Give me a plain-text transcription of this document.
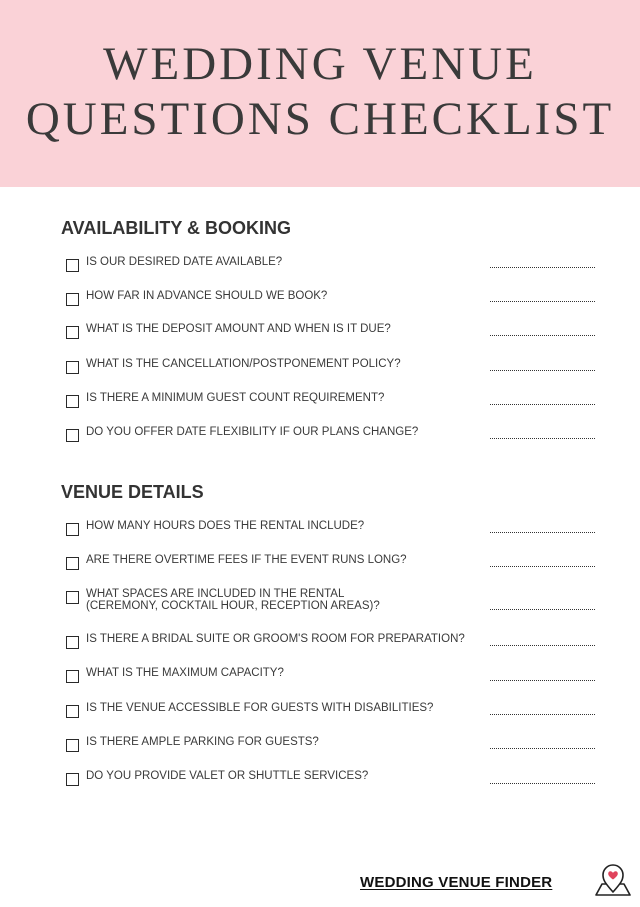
WEDDING VENUE
QUESTIONS CHECKLIST
AVAILABILITY & BOOKING
IS OUR DESIRED DATE AVAILABLE?
HOW FAR IN ADVANCE SHOULD WE BOOK?
WHAT IS THE DEPOSIT AMOUNT AND WHEN IS IT DUE?
WHAT IS THE CANCELLATION/POSTPONEMENT POLICY?
IS THERE A MINIMUM GUEST COUNT REQUIREMENT?
DO YOU OFFER DATE FLEXIBILITY IF OUR PLANS CHANGE?
VENUE DETAILS
HOW MANY HOURS DOES THE RENTAL INCLUDE?
ARE THERE OVERTIME FEES IF THE EVENT RUNS LONG?
WHAT SPACES ARE INCLUDED IN THE RENTAL
(CEREMONY, COCKTAIL HOUR, RECEPTION AREAS)?
IS THERE A BRIDAL SUITE OR GROOM'S ROOM FOR PREPARATION?
WHAT IS THE MAXIMUM CAPACITY?
IS THE VENUE ACCESSIBLE FOR GUESTS WITH DISABILITIES?
IS THERE AMPLE PARKING FOR GUESTS?
DO YOU PROVIDE VALET OR SHUTTLE SERVICES?
WEDDING VENUE FINDER
